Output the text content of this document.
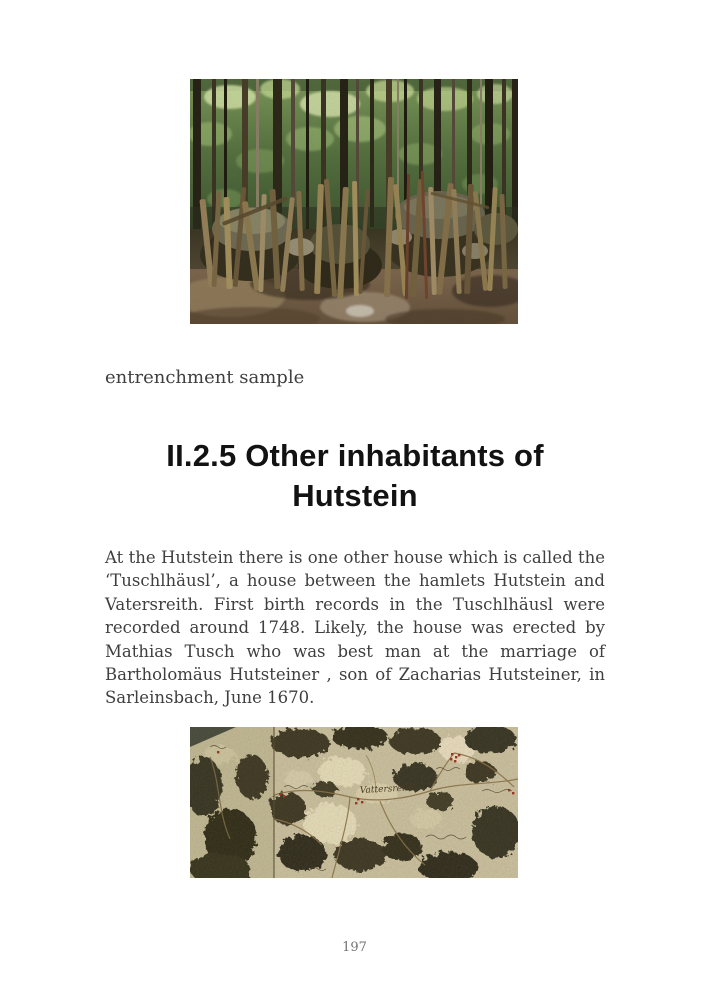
entrenchment sample
II.2.5 Other inhabitants of Hutstein

At the Hutstein there is one other house which is called the ‘Tuschlhäusl’, a house between the hamlets Hutstein and Vatersreith. First birth records in the Tuschlhäusl were recorded around 1748. Likely, the house was erected by Mathias Tusch who was best man at the marriage of Bartholomäus Hutsteiner , son of Zacharias Hutsteiner, in Sarleinsbach, June 1670.

197
